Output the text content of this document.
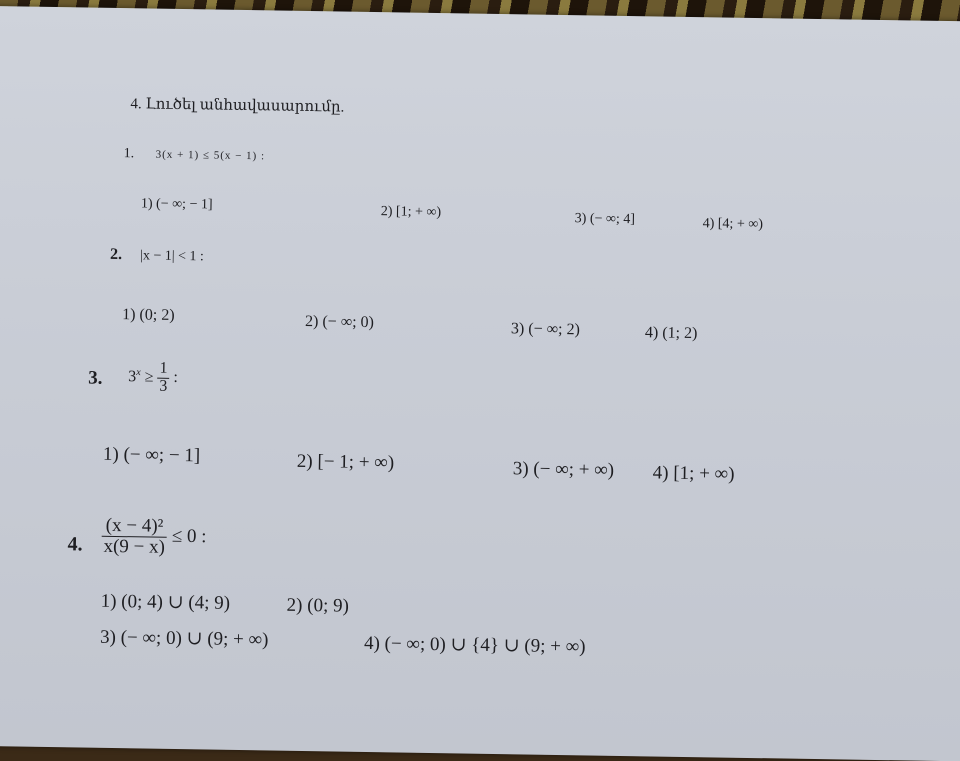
4. Լուծել անհավասարումը.
1. 3(x + 1) ≤ 5(x − 1) :
1) (− ∞; − 1]	2) [1; + ∞)	3) (− ∞; 4]	4) [4; + ∞)
2. |x − 1| < 1 :
1) (0; 2)	2) (− ∞; 0)	3) (− ∞; 2)	4) (1; 2)
3. $3^x \ge \frac{1}{3}$ :
1) (− ∞; − 1]	2) [− 1; + ∞)	3) (− ∞; + ∞) 4) [1; + ∞)
4. $\frac{\text{(x − 4)²}}{x(9 - x)} \le 0$ :
1) (0; 4) ∪ (4; 9)	2) (0; 9)
3) (− ∞; 0) ∪ (9; + ∞)	4) (− ∞; 0) ∪ {4} ∪ (9; + ∞)
